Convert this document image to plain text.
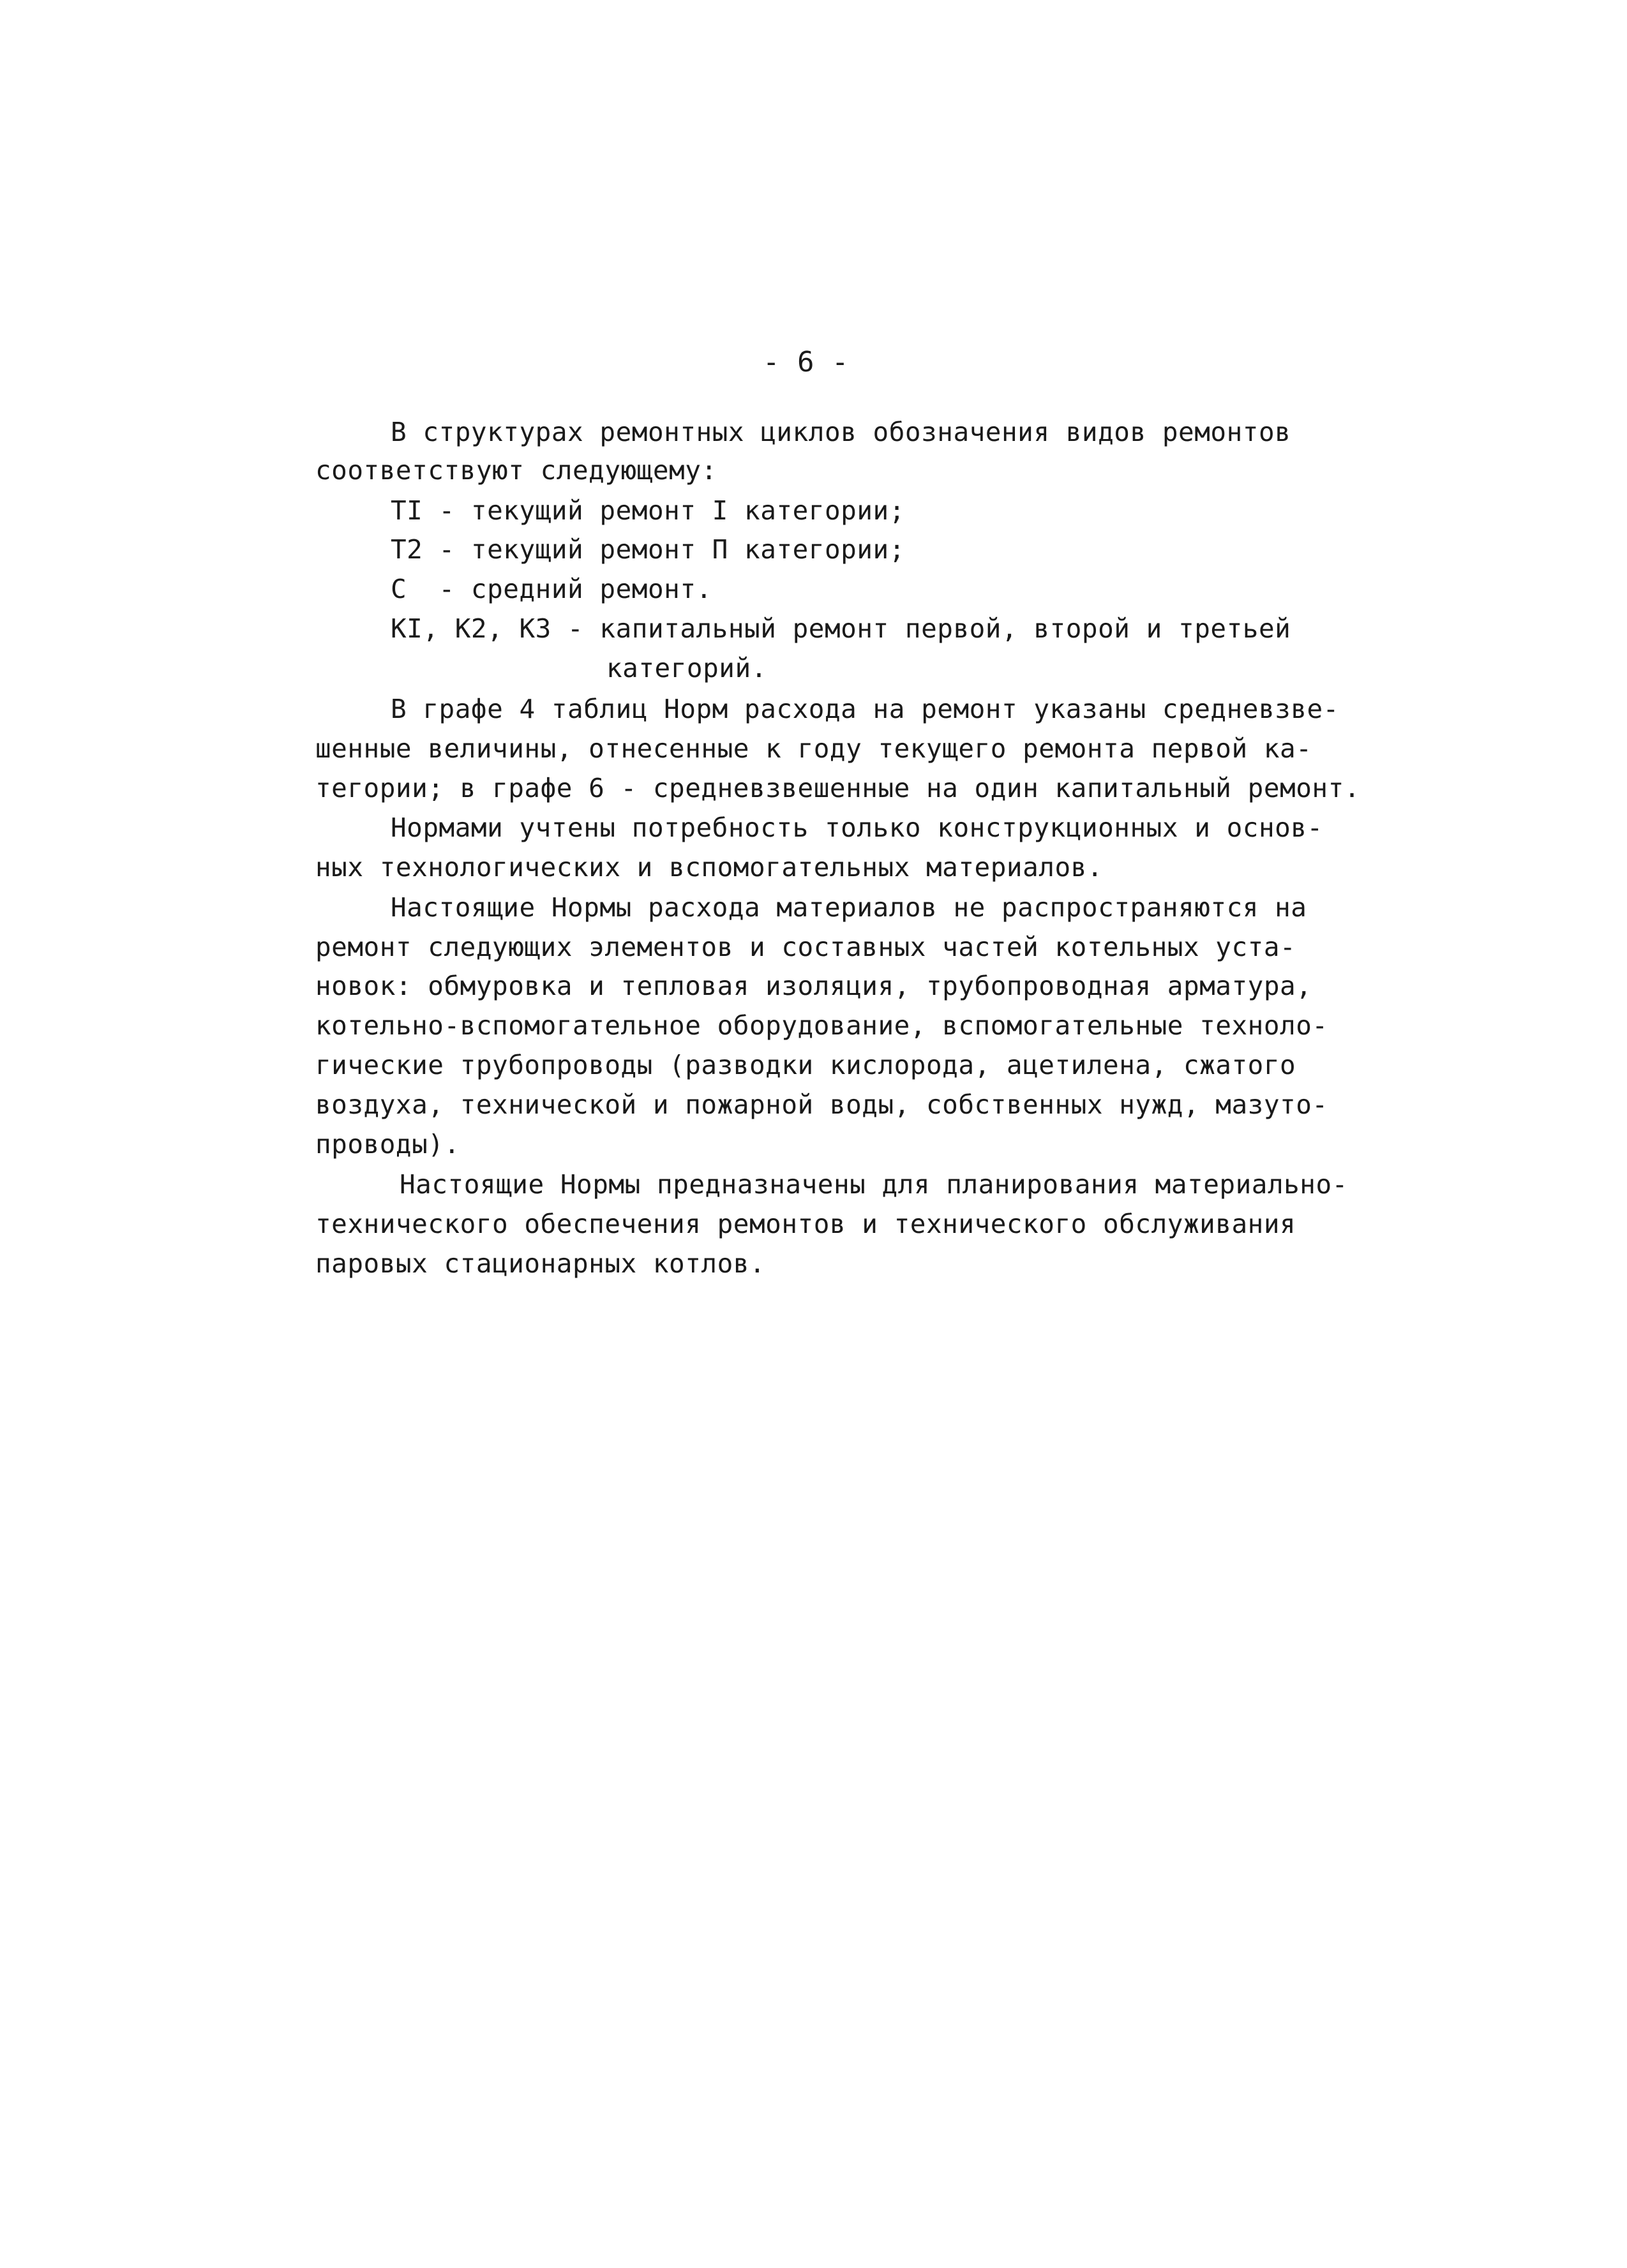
- 6 -
В структурах ремонтных циклов обозначения видов ремонтов
соответствуют следующему:
ТI - текущий ремонт I категории;
Т2 - текущий ремонт П категории;
С  - средний ремонт.
КI, К2, К3 - капитальный ремонт первой, второй и третьей
категорий.
В графе 4 таблиц Норм расхода на ремонт указаны средневзве-
шенные величины, отнесенные к году текущего ремонта первой ка-
тегории; в графе 6 - средневзвешенные на один капитальный ремонт.
Нормами учтены потребность только конструкционных и основ-
ных технологических и вспомогательных материалов.
Настоящие Нормы расхода материалов не распространяются на
ремонт следующих элементов и составных частей котельных уста-
новок: обмуровка и тепловая изоляция, трубопроводная арматура,
котельно-вспомогательное оборудование, вспомогательные техноло-
гические трубопроводы (разводки кислорода, ацетилена, сжатого
воздуха, технической и пожарной воды, собственных нужд, мазуто-
проводы).
Настоящие Нормы предназначены для планирования материально-
технического обеспечения ремонтов и технического обслуживания
паровых стационарных котлов.
